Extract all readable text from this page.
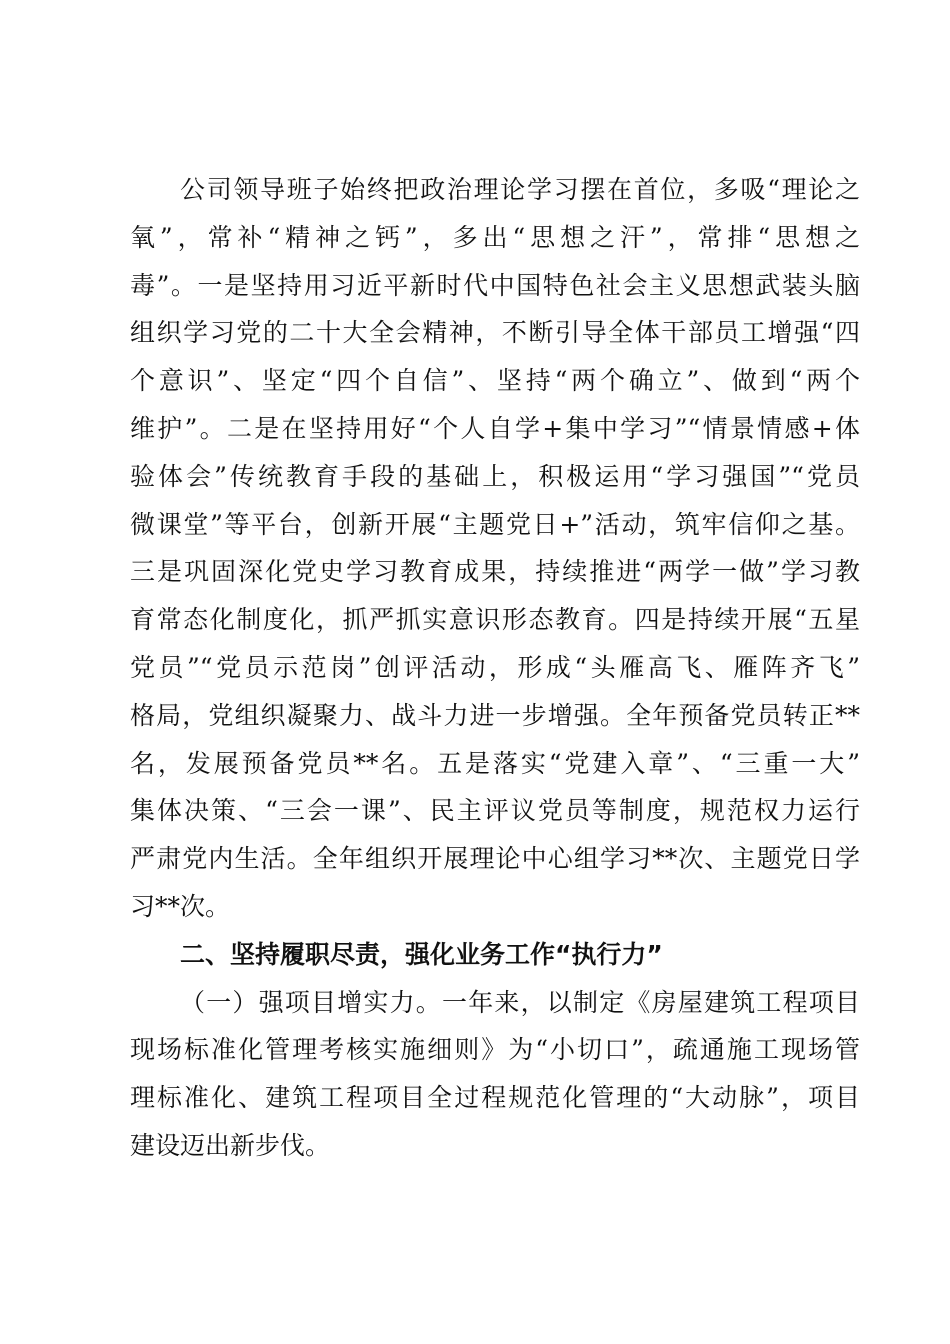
公司领导班子始终把政治理论学习摆在首位，多吸“理论之
氧”，常补“精神之钙”，多出“思想之汗”，常排“思想之
毒”。一是坚持用习近平新时代中国特色社会主义思想武装头脑
组织学习党的二十大全会精神，不断引导全体干部员工增强“四
个意识”、坚定“四个自信”、坚持“两个确立”、做到“两个
维护”。二是在坚持用好“个人自学+集中学习”“情景情感+体
验体会”传统教育手段的基础上，积极运用“学习强国”“党员
微课堂”等平台，创新开展“主题党日+”活动，筑牢信仰之基。
三是巩固深化党史学习教育成果，持续推进“两学一做”学习教
育常态化制度化，抓严抓实意识形态教育。四是持续开展“五星
党员”“党员示范岗”创评活动，形成“头雁高飞、雁阵齐飞”
格局，党组织凝聚力、战斗力进一步增强。全年预备党员转正**
名，发展预备党员**名。五是落实“党建入章”、“三重一大”
集体决策、“三会一课”、民主评议党员等制度，规范权力运行
严肃党内生活。全年组织开展理论中心组学习**次、主题党日学
习**次。
二、坚持履职尽责，强化业务工作“执行力”
（一）强项目增实力。一年来，以制定《房屋建筑工程项目
现场标准化管理考核实施细则》为“小切口”，疏通施工现场管
理标准化、建筑工程项目全过程规范化管理的“大动脉”，项目
建设迈出新步伐。
